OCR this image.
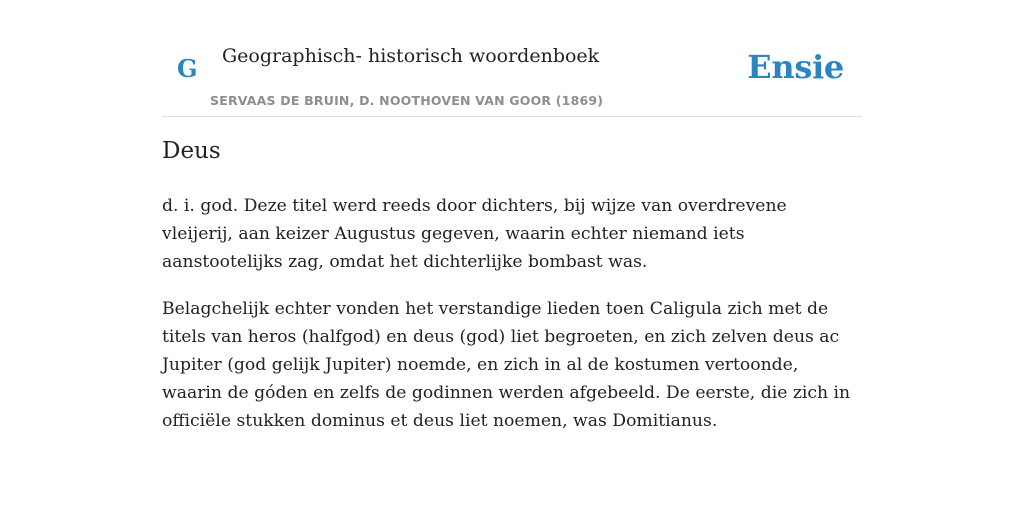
G Geographisch- historisch woordenboek
SERVAAS DE BRUIN, D. NOOTHOVEN VAN GOOR (1869)
Ensie
Deus

d. i. god. Deze titel werd reeds door dichters, bij wijze van overdrevene vleijerij, aan keizer Augustus gegeven, waarin echter niemand iets aanstootelijks zag, omdat het dichterlijke bombast was.

Belagchelijk echter vonden het verstandige lieden toen Caligula zich met de titels van heros (halfgod) en deus (god) liet begroeten, en zich zelven deus ac Jupiter (god gelijk Jupiter) noemde, en zich in al de kostumen vertoonde, waarin de góden en zelfs de godinnen werden afgebeeld. De eerste, die zich in officiële stukken dominus et deus liet noemen, was Domitianus.
